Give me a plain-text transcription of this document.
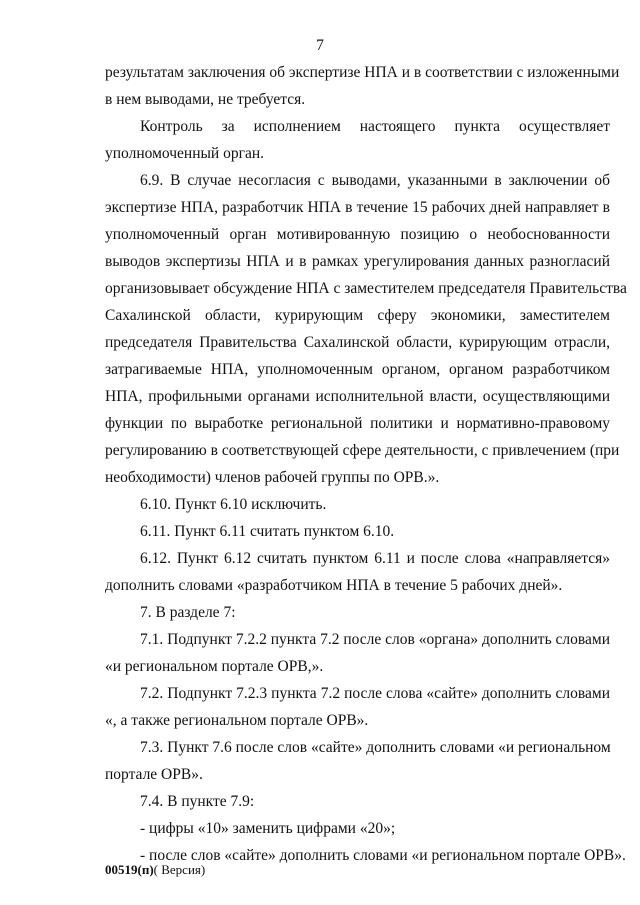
7
результатам заключения об экспертизе НПА и в соответствии с изложенными
в нем выводами, не требуется.
Контроль за исполнением настоящего пункта осуществляет
уполномоченный орган.
6.9. В случае несогласия с выводами, указанными в заключении об
экспертизе НПА, разработчик НПА в течение 15 рабочих дней направляет в
уполномоченный орган мотивированную позицию о необоснованности
выводов экспертизы НПА и в рамках урегулирования данных разногласий
организовывает обсуждение НПА с заместителем председателя Правительства
Сахалинской области, курирующим сферу экономики, заместителем
председателя Правительства Сахалинской области, курирующим отрасли,
затрагиваемые НПА, уполномоченным органом, органом разработчиком
НПА, профильными органами исполнительной власти, осуществляющими
функции по выработке региональной политики и нормативно-правовому
регулированию в соответствующей сфере деятельности, с привлечением (при
необходимости) членов рабочей группы по ОРВ.».
6.10. Пункт 6.10 исключить.
6.11. Пункт 6.11 считать пунктом 6.10.
6.12. Пункт 6.12 считать пунктом 6.11 и после слова «направляется»
дополнить словами «разработчиком НПА в течение 5 рабочих дней».
7. В разделе 7:
7.1. Подпункт 7.2.2 пункта 7.2 после слов «органа» дополнить словами
«и региональном портале ОРВ,».
7.2. Подпункт 7.2.3 пункта 7.2 после слова «сайте» дополнить словами
«, а также региональном портале ОРВ».
7.3. Пункт 7.6 после слов «сайте» дополнить словами «и региональном
портале ОРВ».
7.4. В пункте 7.9:
- цифры «10» заменить цифрами «20»;
- после слов «сайте» дополнить словами «и региональном портале ОРВ».
00519(п)( Версия)
